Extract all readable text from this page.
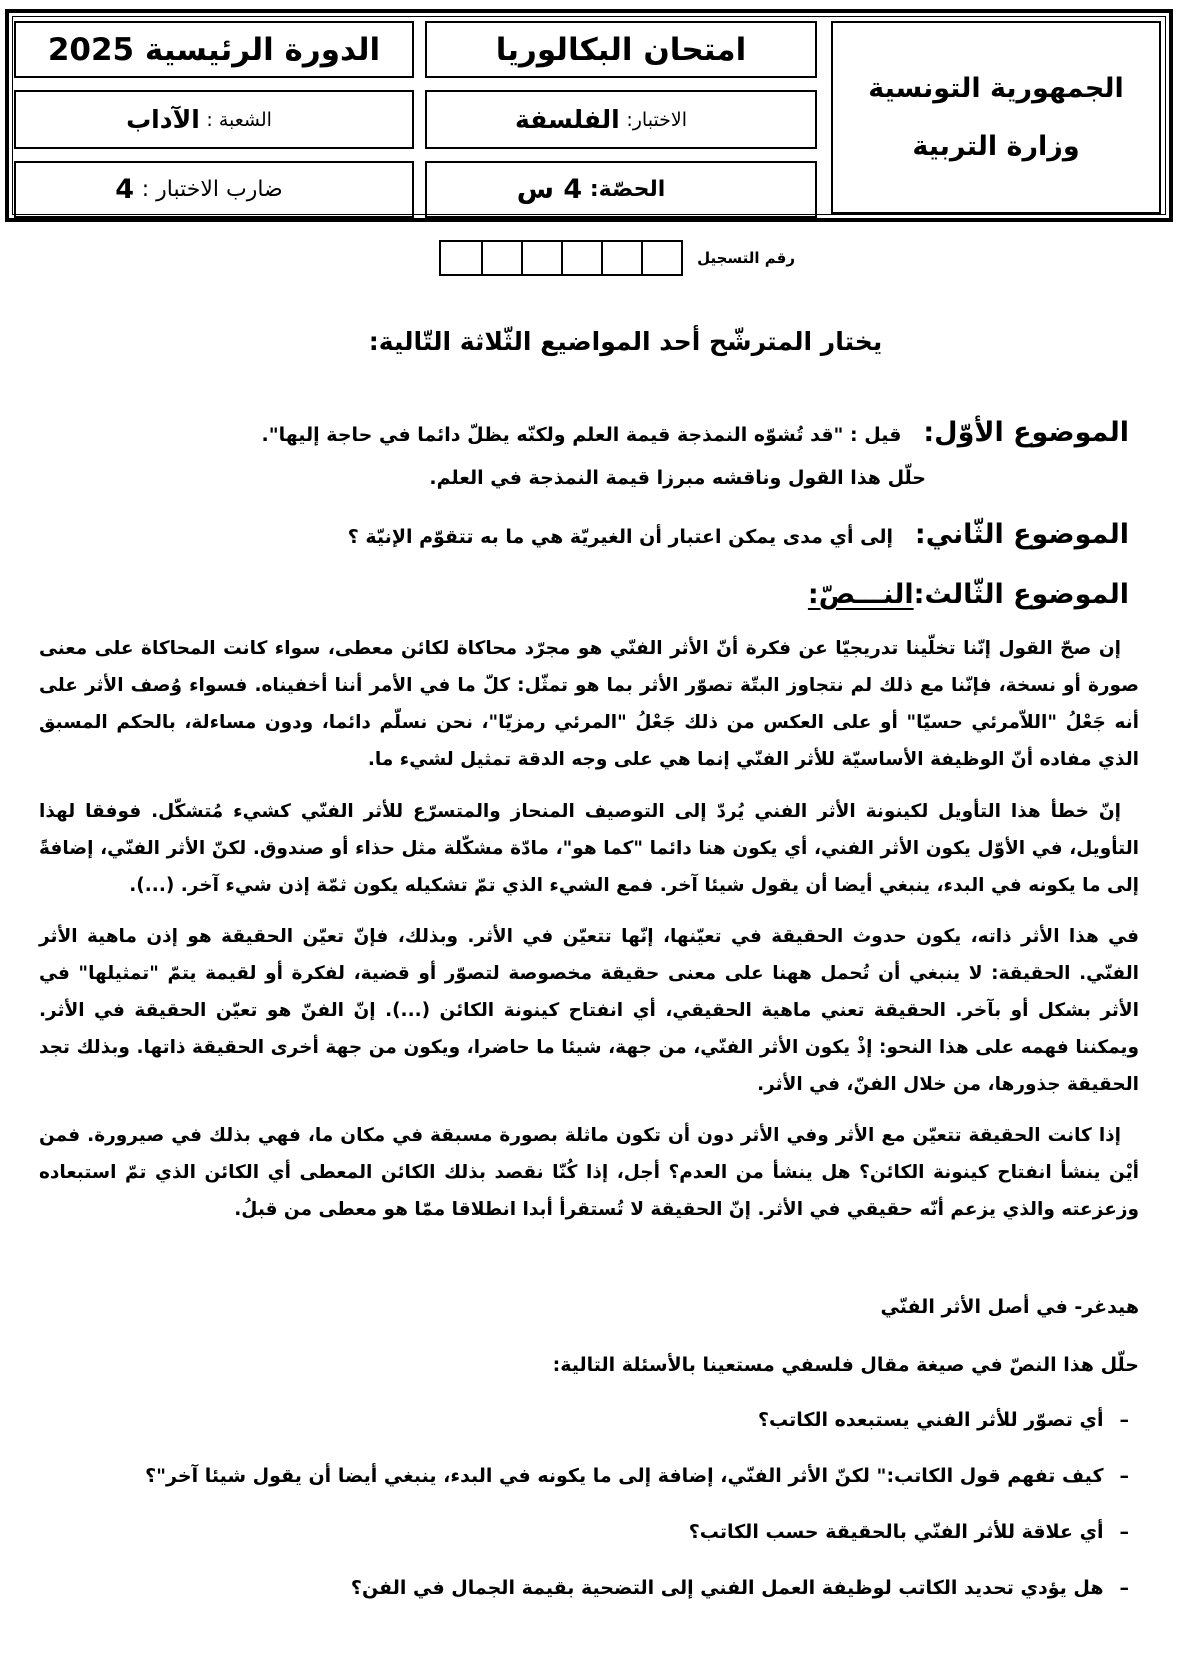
الجمهورية التونسية
وزارة التربية
امتحان البكالوريا
الدورة الرئيسية 2025
الاختبار:

الفلسفة
الشعبة :

الآداب
الحصّة:

4 س
ضارب الاختبار :

4
رقم التسجيل
يختار المترشّح أحد المواضيع الثّلاثة التّالية:
الموضوع الأوّل:   قيل : "قد تُشوّه النمذجة قيمة العلم ولكنّه يظلّ دائما في حاجة إليها".
حلّل هذا القول وناقشه مبرزا قيمة النمذجة في العلم.
الموضوع الثّاني:   إلى أي مدى يمكن اعتبار أن الغيريّة هي ما به تتقوّم الإنيّة ؟
الموضوع الثّالث:النـــصّ:
إن صحّ القول إنّنا تخلّينا تدريجيّا عن فكرة أنّ الأثر الفنّي هو مجرّد محاكاة لكائن معطى، سواء كانت المحاكاة على معنى صورة أو نسخة، فإنّنا مع ذلك لم نتجاوز البتّة تصوّر الأثر بما هو تمثّل: كلّ ما في الأمر أننا أخفيناه. فسواء وُصف الأثر على أنه جَعْلُ "اللاّمرئي حسيّا" أو على العكس من ذلك جَعْلُ "المرئي رمزيّا"، نحن نسلّم دائما، ودون مساءلة، بالحكم المسبق الذي مفاده أنّ الوظيفة الأساسيّة للأثر الفنّي إنما هي على وجه الدقة تمثيل لشيء ما.
إنّ خطأ هذا التأويل لكينونة الأثر الفني يُردّ إلى التوصيف المنحاز والمتسرّع للأثر الفنّي كشيء مُتشكّل. فوفقا لهذا التأويل، في الأوّل يكون الأثر الفني، أي يكون هنا دائما "كما هو"، مادّة مشكّلة مثل حذاء أو صندوق. لكنّ الأثر الفنّي، إضافةً إلى ما يكونه في البدء، ينبغي أيضا أن يقول شيئا آخر. فمع الشيء الذي تمّ تشكيله يكون ثمّة إذن شيء آخر. (...).
في هذا الأثر ذاته، يكون حدوث الحقيقة في تعيّنها، إنّها تتعيّن في الأثر. وبذلك، فإنّ تعيّن الحقيقة هو إذن ماهية الأثر الفنّي. الحقيقة: لا ينبغي أن تُحمل ههنا على معنى حقيقة مخصوصة لتصوّر أو قضية، لفكرة أو لقيمة يتمّ "تمثيلها" في الأثر بشكل أو بآخر. الحقيقة تعني ماهية الحقيقي، أي انفتاح كينونة الكائن (...). إنّ الفنّ هو تعيّن الحقيقة في الأثر. ويمكننا فهمه على هذا النحو: إذْ يكون الأثر الفنّي، من جهة، شيئا ما حاضرا، ويكون من جهة أخرى الحقيقة ذاتها. وبذلك تجد الحقيقة جذورها، من خلال الفنّ، في الأثر.
إذا كانت الحقيقة تتعيّن مع الأثر وفي الأثر دون أن تكون ماثلة بصورة مسبقة في مكان ما، فهي بذلك في صيرورة. فمن أيْن ينشأ انفتاح كينونة الكائن؟ هل ينشأ من العدم؟ أجل، إذا كُنّا نقصد بذلك الكائن المعطى أي الكائن الذي تمّ استبعاده وزعزعته والذي يزعم أنّه حقيقي في الأثر. إنّ الحقيقة لا تُستقرأ أبدا انطلاقا ممّا هو معطى من قبلُ.
هيدغر- في أصل الأثر الفنّي
حلّل هذا النصّ في صيغة مقال فلسفي مستعينا بالأسئلة التالية:
–
أي تصوّر للأثر الفني يستبعده الكاتب؟
–
كيف تفهم قول الكاتب:" لكنّ الأثر الفنّي، إضافة إلى ما يكونه في البدء، ينبغي أيضا أن يقول شيئا آخر"؟
–
أي علاقة للأثر الفنّي بالحقيقة حسب الكاتب؟
–
هل يؤدي تحديد الكاتب لوظيفة العمل الفني إلى التضحية بقيمة الجمال في الفن؟
